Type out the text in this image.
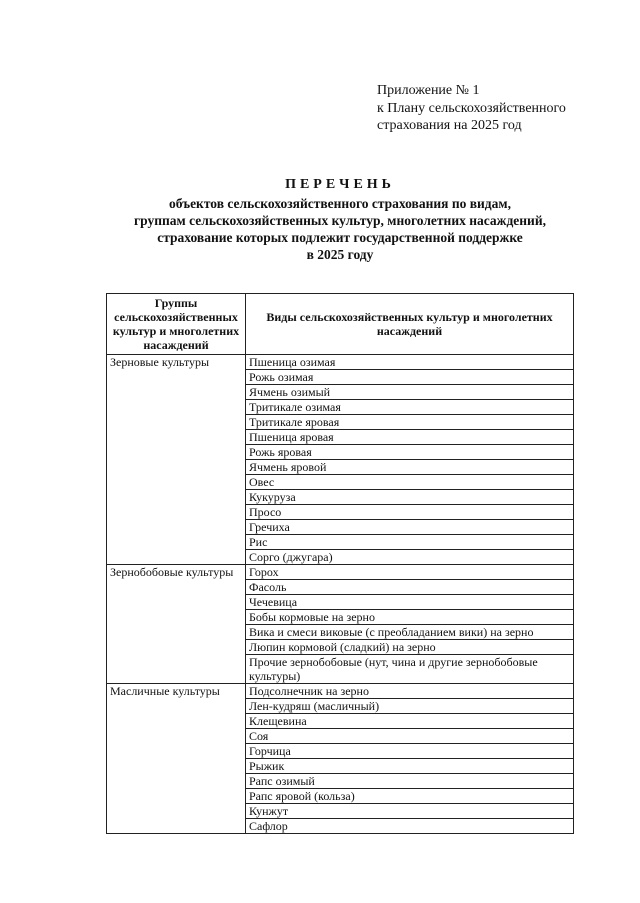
Приложение № 1
к Плану сельскохозяйственного
страхования на 2025 год
ПЕРЕЧЕНЬ
объектов сельскохозяйственного страхования по видам,
группам сельскохозяйственных культур, многолетних насаждений,
страхование которых подлежит государственной поддержке
в 2025 году
Группы сельскохозяйственных культур и многолетних насаждений	Виды сельскохозяйственных культур и многолетних насаждений
Зерновые культуры	Пшеница озимая
	Рожь озимая
	Ячмень озимый
	Тритикале озимая
	Тритикале яровая
	Пшеница яровая
	Рожь яровая
	Ячмень яровой
	Овес
	Кукуруза
	Просо
	Гречиха
	Рис
	Сорго (джугара)
Зернобобовые культуры	Горох
	Фасоль
	Чечевица
	Бобы кормовые на зерно
	Вика и смеси виковые (с преобладанием вики) на зерно
	Люпин кормовой (сладкий) на зерно
	Прочие зернобобовые (нут, чина и другие зернобобовые культуры)
Масличные культуры	Подсолнечник на зерно
	Лен-кудряш (масличный)
	Клещевина
	Соя
	Горчица
	Рыжик
	Рапс озимый
	Рапс яровой (кольза)
	Кунжут
	Сафлор
